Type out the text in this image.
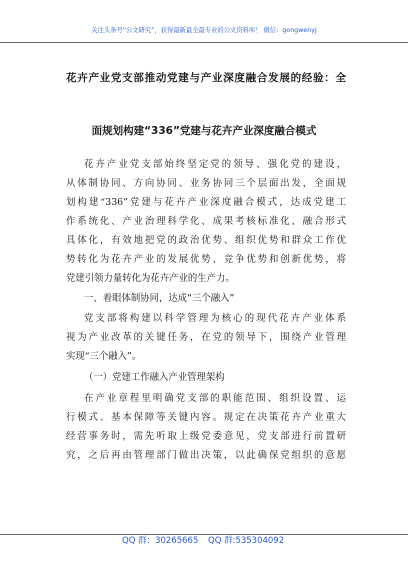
关注头条号“公文研究”，获得最新最全最专业的公文资料库！ 微信：gongwenyj
花卉产业党支部推动党建与产业深度融合发展的经验：全
面规划构建“336”党建与花卉产业深度融合模式
花卉产业党支部始终坚定党的领导、强化党的建设，
从体制协同、方向协同、业务协同三个层面出发，全面规
划构建“336”党建与花卉产业深度融合模式，达成党建工
作系统化、产业治理科学化、成果考核标准化、融合形式
具体化，有效地把党的政治优势、组织优势和群众工作优
势转化为花卉产业的发展优势、竞争优势和创新优势，将
党建引领力量转化为花卉产业的生产力。
一、着眼体制协同，达成“三个融入”
党支部将构建以科学管理为核心的现代花卉产业体系
视为产业改革的关键任务，在党的领导下，围绕产业管理
实现“三个融入”。
（一）党建工作融入产业管理架构
在产业章程里明确党支部的职能范围、组织设置、运
行模式、基本保障等关键内容。规定在决策花卉产业重大
经营事务时，需先听取上级党委意见，党支部进行前置研
究，之后再由管理部门做出决策，以此确保党组织的意愿
QQ 群：30265665 QQ 群:535304092
